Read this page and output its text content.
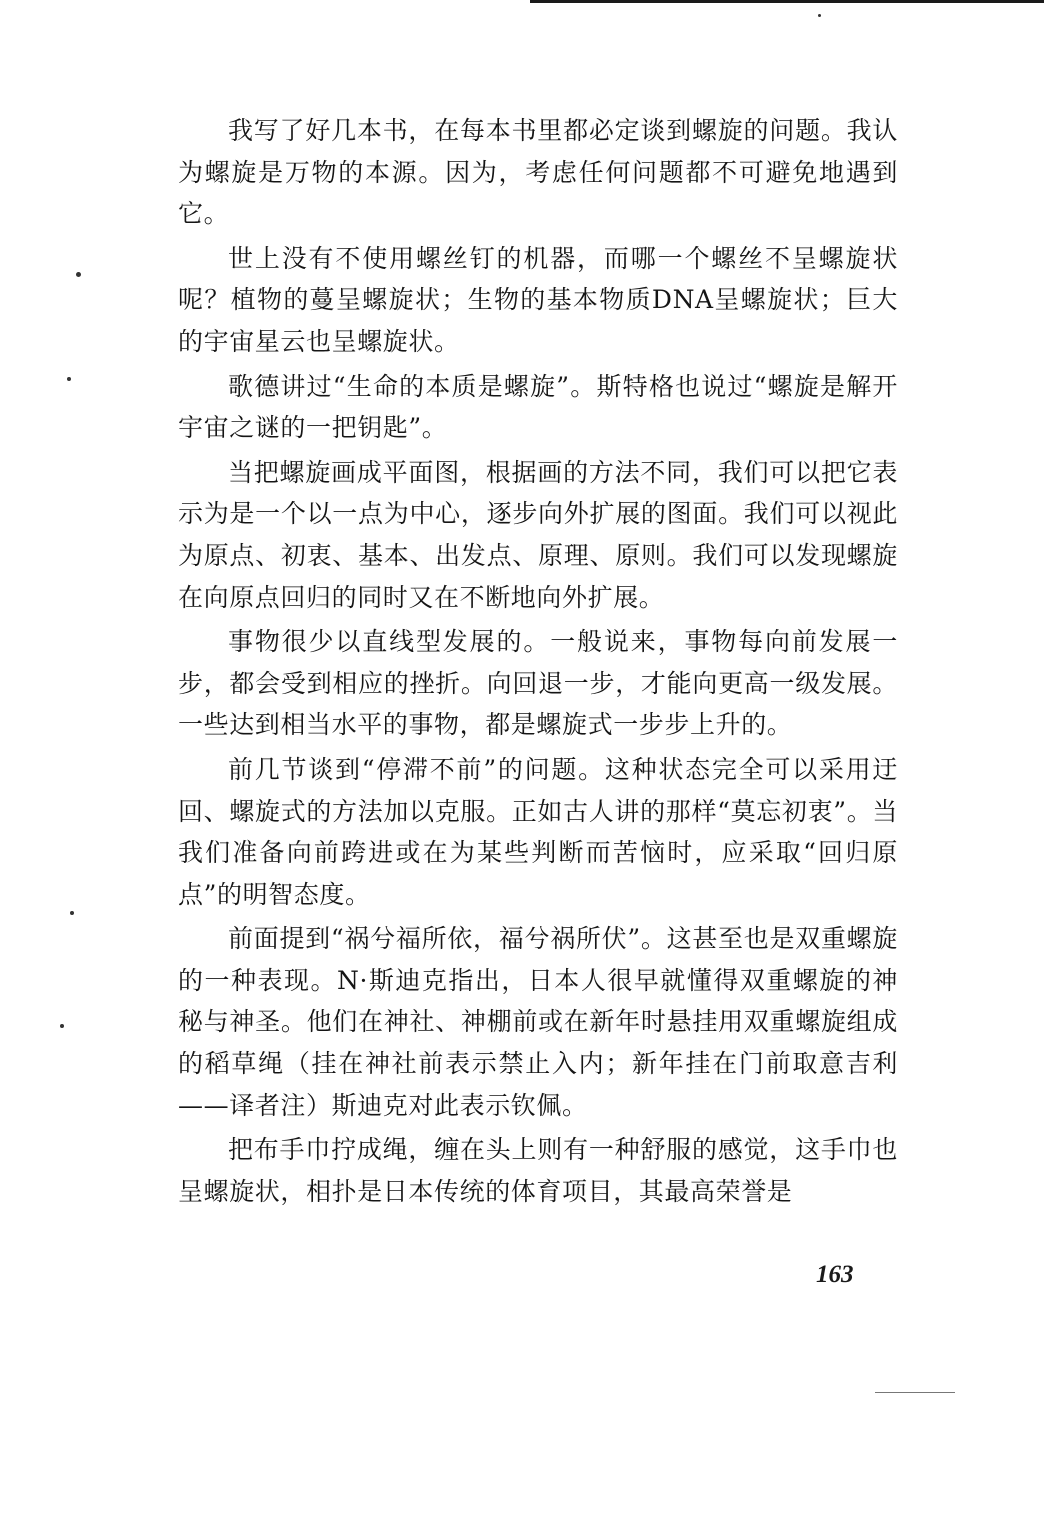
我写了好几本书，在每本书里都必定谈到螺旋的问题。我认为螺旋是万物的本源。因为，考虑任何问题都不可避免地遇到它。

世上没有不使用螺丝钉的机器，而哪一个螺丝不呈螺旋状呢？植物的蔓呈螺旋状；生物的基本物质DNA呈螺旋状；巨大的宇宙星云也呈螺旋状。

歌德讲过“生命的本质是螺旋”。斯特格也说过“螺旋是解开宇宙之谜的一把钥匙”。

当把螺旋画成平面图，根据画的方法不同，我们可以把它表示为是一个以一点为中心，逐步向外扩展的图面。我们可以视此为原点、初衷、基本、出发点、原理、原则。我们可以发现螺旋在向原点回归的同时又在不断地向外扩展。

事物很少以直线型发展的。一般说来，事物每向前发展一步，都会受到相应的挫折。向回退一步，才能向更高一级发展。一些达到相当水平的事物，都是螺旋式一步步上升的。

前几节谈到“停滞不前”的问题。这种状态完全可以采用迂回、螺旋式的方法加以克服。正如古人讲的那样“莫忘初衷”。当我们准备向前跨进或在为某些判断而苦恼时，应采取“回归原点”的明智态度。

前面提到“祸兮福所依，福兮祸所伏”。这甚至也是双重螺旋的一种表现。N·斯迪克指出，日本人很早就懂得双重螺旋的神秘与神圣。他们在神社、神棚前或在新年时悬挂用双重螺旋组成的稻草绳（挂在神社前表示禁止入内；新年挂在门前取意吉利——译者注）斯迪克对此表示钦佩。

把布手巾拧成绳，缠在头上则有一种舒服的感觉，这手巾也呈螺旋状，相扑是日本传统的体育项目，其最高荣誉是

163
